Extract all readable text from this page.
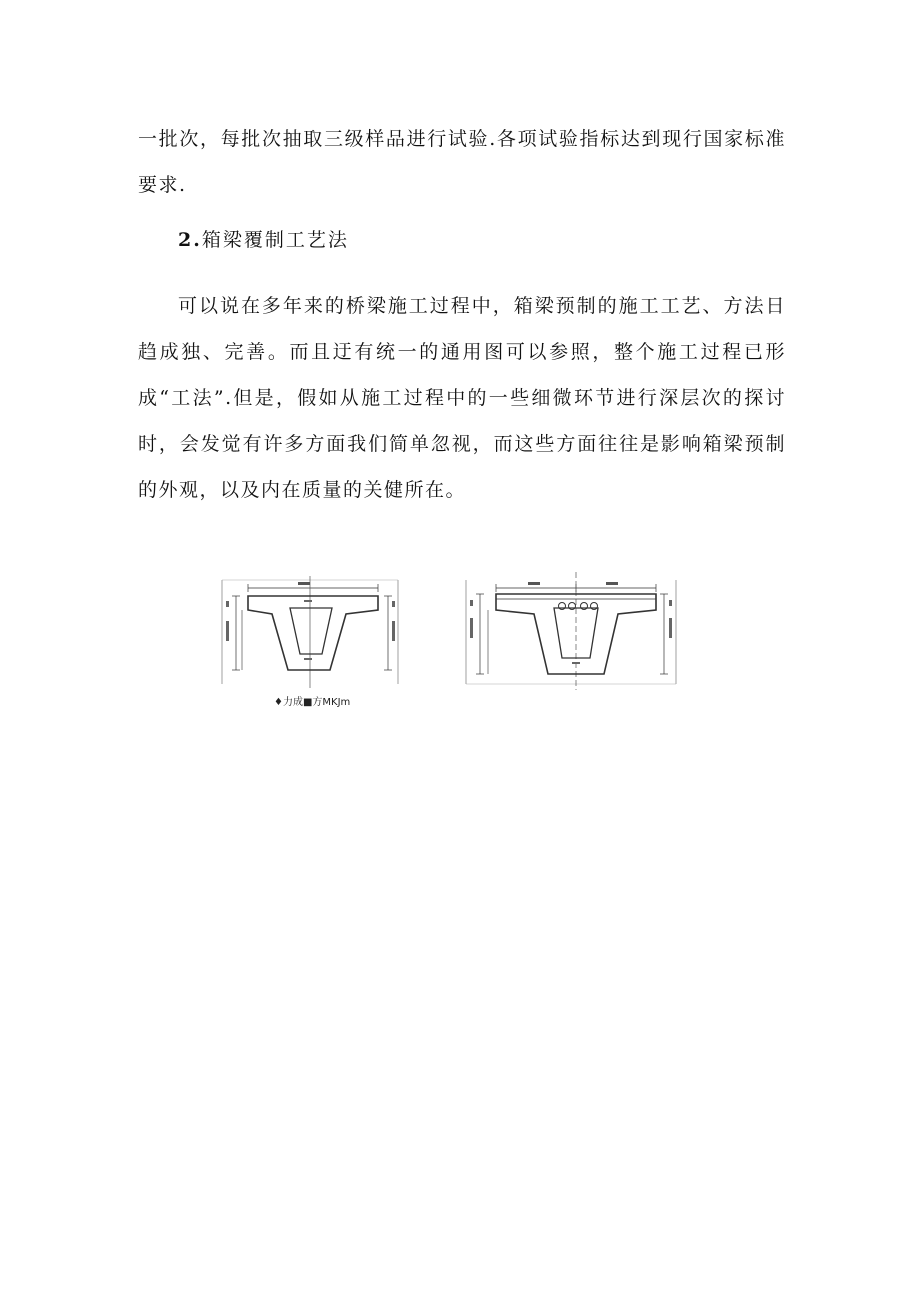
一批次，每批次抽取三级样品进行试验.各项试验指标达到现行国家标准要求.

2.箱梁覆制工艺法

可以说在多年来的桥梁施工过程中，箱梁预制的施工工艺、方法日趋成独、完善。而且迂有统一的通用图可以参照，整个施工过程已形成“工法”.但是，假如从施工过程中的一些细微环节进行深层次的探讨时，会发觉有许多方面我们简单忽视，而这些方面往往是影响箱梁预制的外观，以及内在质量的关健所在。

♦力成■方MKJm
